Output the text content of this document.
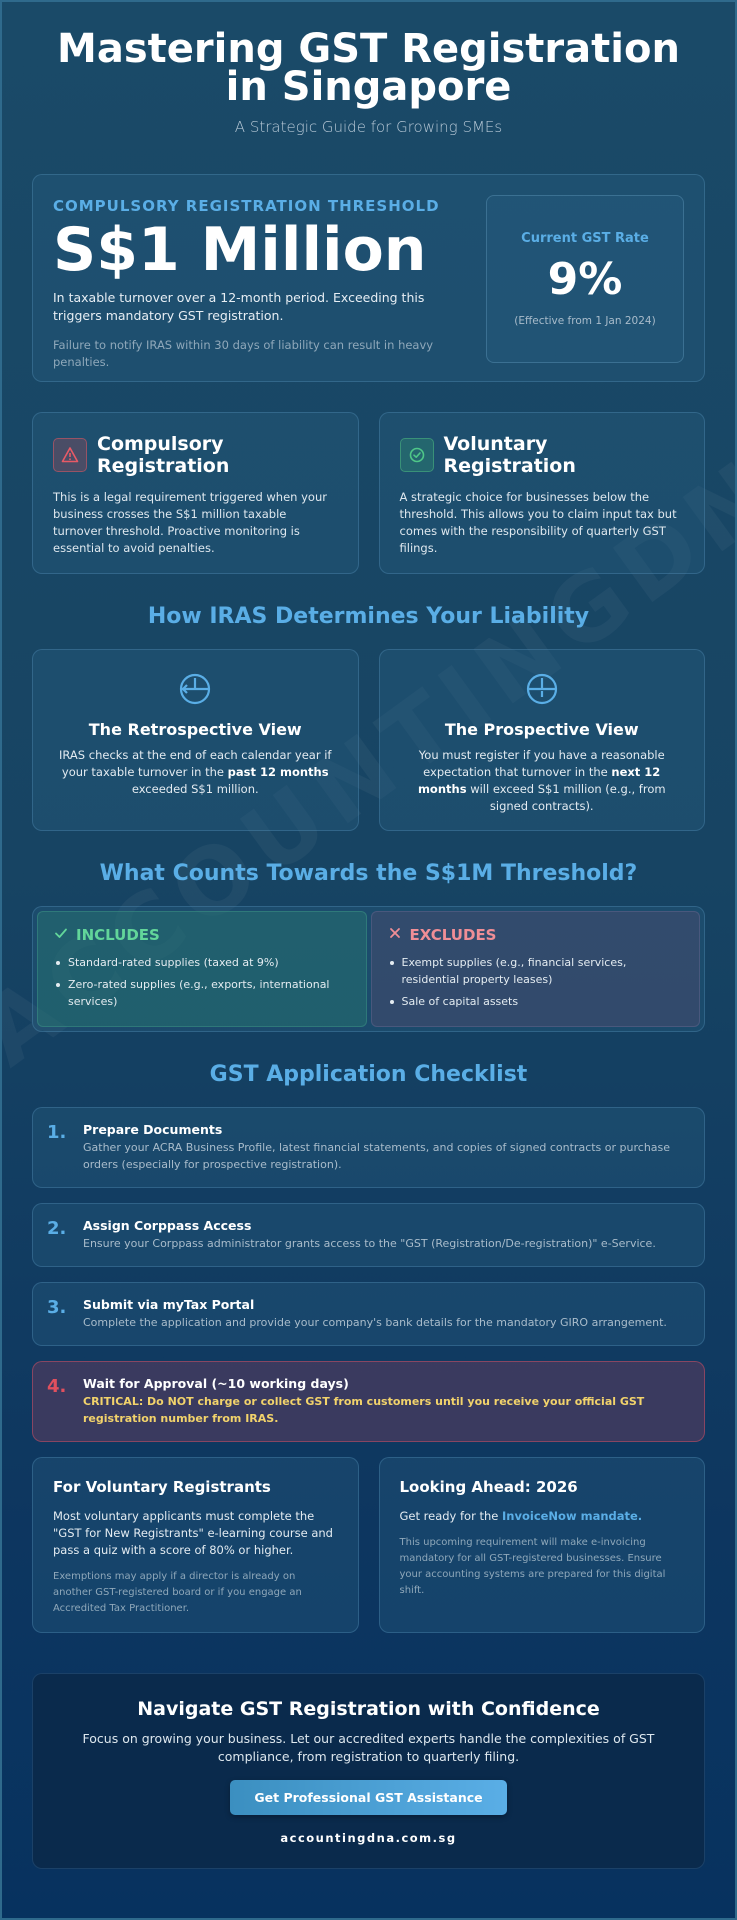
Mastering GST Registration in Singapore
A Strategic Guide for Growing SMEs
COMPULSORY REGISTRATION THRESHOLD
S$1 Million
In taxable turnover over a 12-month period. Exceeding this triggers mandatory GST registration.
Failure to notify IRAS within 30 days of liability can result in heavy penalties.
Current GST Rate
9%
(Effective from 1 Jan 2024)
Compulsory Registration
This is a legal requirement triggered when your business crosses the S$1 million taxable turnover threshold. Proactive monitoring is essential to avoid penalties.
Voluntary Registration
A strategic choice for businesses below the threshold. This allows you to claim input tax but comes with the responsibility of quarterly GST filings.
How IRAS Determines Your Liability
The Retrospective View
IRAS checks at the end of each calendar year if your taxable turnover in the past 12 months exceeded S$1 million.
The Prospective View
You must register if you have a reasonable expectation that turnover in the next 12 months will exceed S$1 million (e.g., from signed contracts).
What Counts Towards the S$1M Threshold?
INCLUDES
Standard-rated supplies (taxed at 9%)
Zero-rated supplies (e.g., exports, international services)
EXCLUDES
Exempt supplies (e.g., financial services, residential property leases)
Sale of capital assets
GST Application Checklist
1.	Prepare Documents
Gather your ACRA Business Profile, latest financial statements, and copies of signed contracts or purchase orders (especially for prospective registration).
2.	Assign Corppass Access
Ensure your Corppass administrator grants access to the "GST (Registration/De-registration)" e-Service.
3.	Submit via myTax Portal
Complete the application and provide your company's bank details for the mandatory GIRO arrangement.
4.	Wait for Approval (~10 working days)
CRITICAL: Do NOT charge or collect GST from customers until you receive your official GST registration number from IRAS.
For Voluntary Registrants
Most voluntary applicants must complete the "GST for New Registrants" e-learning course and pass a quiz with a score of 80% or higher.
Exemptions may apply if a director is already on another GST-registered board or if you engage an Accredited Tax Practitioner.
Looking Ahead: 2026
Get ready for the InvoiceNow mandate.
This upcoming requirement will make e-invoicing mandatory for all GST-registered businesses. Ensure your accounting systems are prepared for this digital shift.
Navigate GST Registration with Confidence
Focus on growing your business. Let our accredited experts handle the complexities of GST compliance, from registration to quarterly filing.
Get Professional GST Assistance
accountingdna.com.sg
